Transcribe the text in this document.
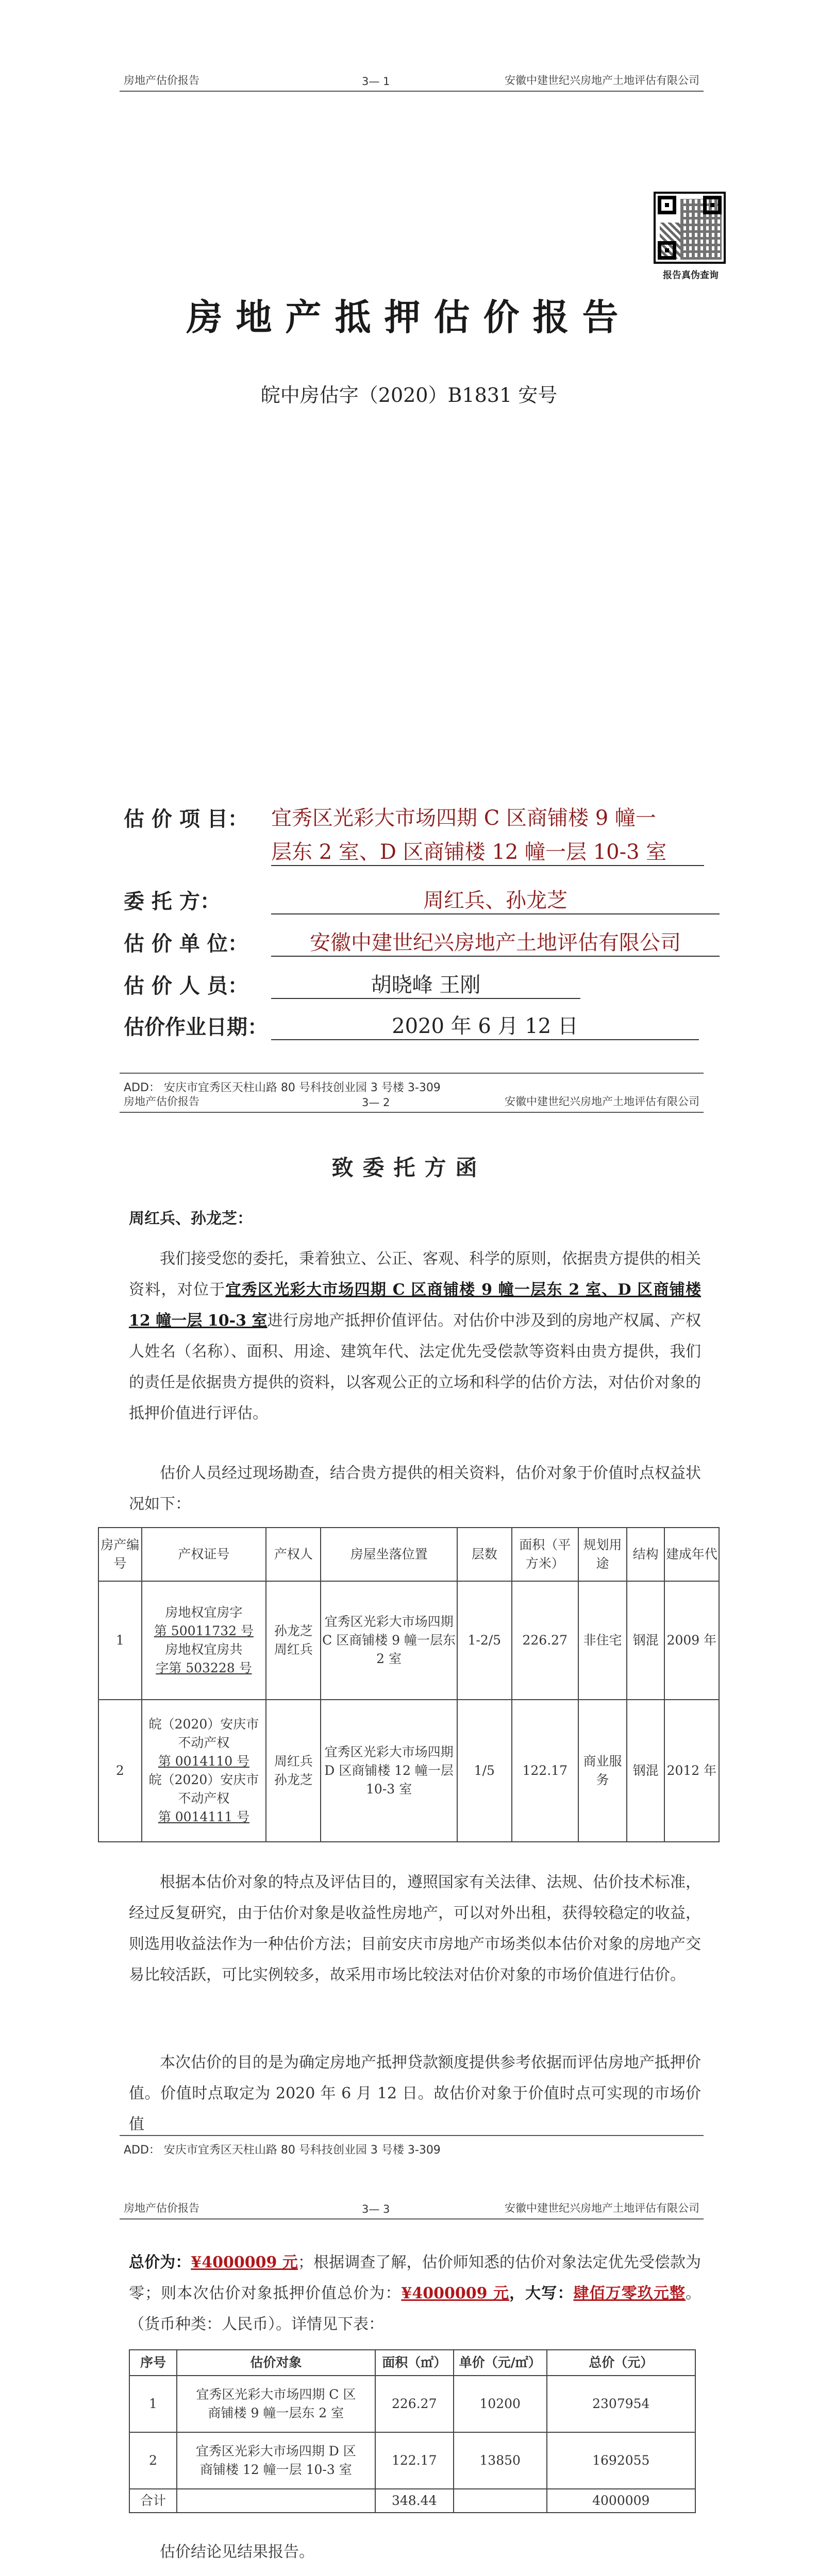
房地产估价报告	3— 1	安徽中建世纪兴房地产土地评估有限公司
报告真伪查询
房地产抵押估价报告
皖中房估字（2020）B1831 安号
估 价 项 目： 宜秀区光彩大市场四期 C 区商铺楼 9 幢一
层东 2 室、D 区商铺楼 12 幢一层 10-3 室
委 托 方：	周红兵、孙龙芝
估 价 单 位：	安徽中建世纪兴房地产土地评估有限公司
估 价 人 员：	胡晓峰 王刚
估价作业日期：	2020 年 6 月 12 日
ADD： 安庆市宜秀区天柱山路 80 号科技创业园 3 号楼 3-309
房地产估价报告	3— 2	安徽中建世纪兴房地产土地评估有限公司
致委托方函
周红兵、孙龙芝：
我们接受您的委托，秉着独立、公正、客观、科学的原则，依据贵方提供的相关资料，对位于宜秀区光彩大市场四期 C 区商铺楼 9 幢一层东 2 室、D 区商铺楼 12 幢一层 10-3 室进行房地产抵押价值评估。对估价中涉及到的房地产权属、产权人姓名（名称）、面积、用途、建筑年代、法定优先受偿款等资料由贵方提供，我们的责任是依据贵方提供的资料，以客观公正的立场和科学的估价方法，对估价对象的抵押价值进行评估。
估价人员经过现场勘查，结合贵方提供的相关资料，估价对象于价值时点权益状况如下：
房产编号	产权证号	产权人	房屋坐落位置	层数	面积（平方米）	规划用途	结构	建成年代
1	房地权宜房字
第 50011732 号
房地权宜房共
字第 503228 号	孙龙芝 周红兵	宜秀区光彩大市场四期 C 区商铺楼 9 幢一层东 2 室	1-2/5	226.27	非住宅	钢混	2009 年
2	皖（2020）安庆市不动产权
第 0014110 号
皖（2020）安庆市不动产权
第 0014111 号	周红兵 孙龙芝	宜秀区光彩大市场四期 D 区商铺楼 12 幢一层 10-3 室	1/5	122.17	商业服务	钢混	2012 年
根据本估价对象的特点及评估目的，遵照国家有关法律、法规、估价技术标准，经过反复研究，由于估价对象是收益性房地产，可以对外出租，获得较稳定的收益，则选用收益法作为一种估价方法；目前安庆市房地产市场类似本估价对象的房地产交易比较活跃，可比实例较多，故采用市场比较法对估价对象的市场价值进行估价。
本次估价的目的是为确定房地产抵押贷款额度提供参考依据而评估房地产抵押价值。价值时点取定为 2020 年 6 月 12 日。故估价对象于价值时点可实现的市场价值
ADD： 安庆市宜秀区天柱山路 80 号科技创业园 3 号楼 3-309
房地产估价报告	3— 3	安徽中建世纪兴房地产土地评估有限公司
总价为：¥4000009 元；根据调查了解，估价师知悉的估价对象法定优先受偿款为零；则本次估价对象抵押价值总价为：¥4000009 元，大写：肆佰万零玖元整。（货币种类：人民币）。详情见下表：
序号	估价对象	面积（㎡）	单价（元/㎡）	总价（元）
1	宜秀区光彩大市场四期 C 区商铺楼 9 幢一层东 2 室	226.27	10200	2307954
2	宜秀区光彩大市场四期 D 区商铺楼 12 幢一层 10-3 室	122.17	13850	1692055
合计		348.44		4000009
估价结论见结果报告。
